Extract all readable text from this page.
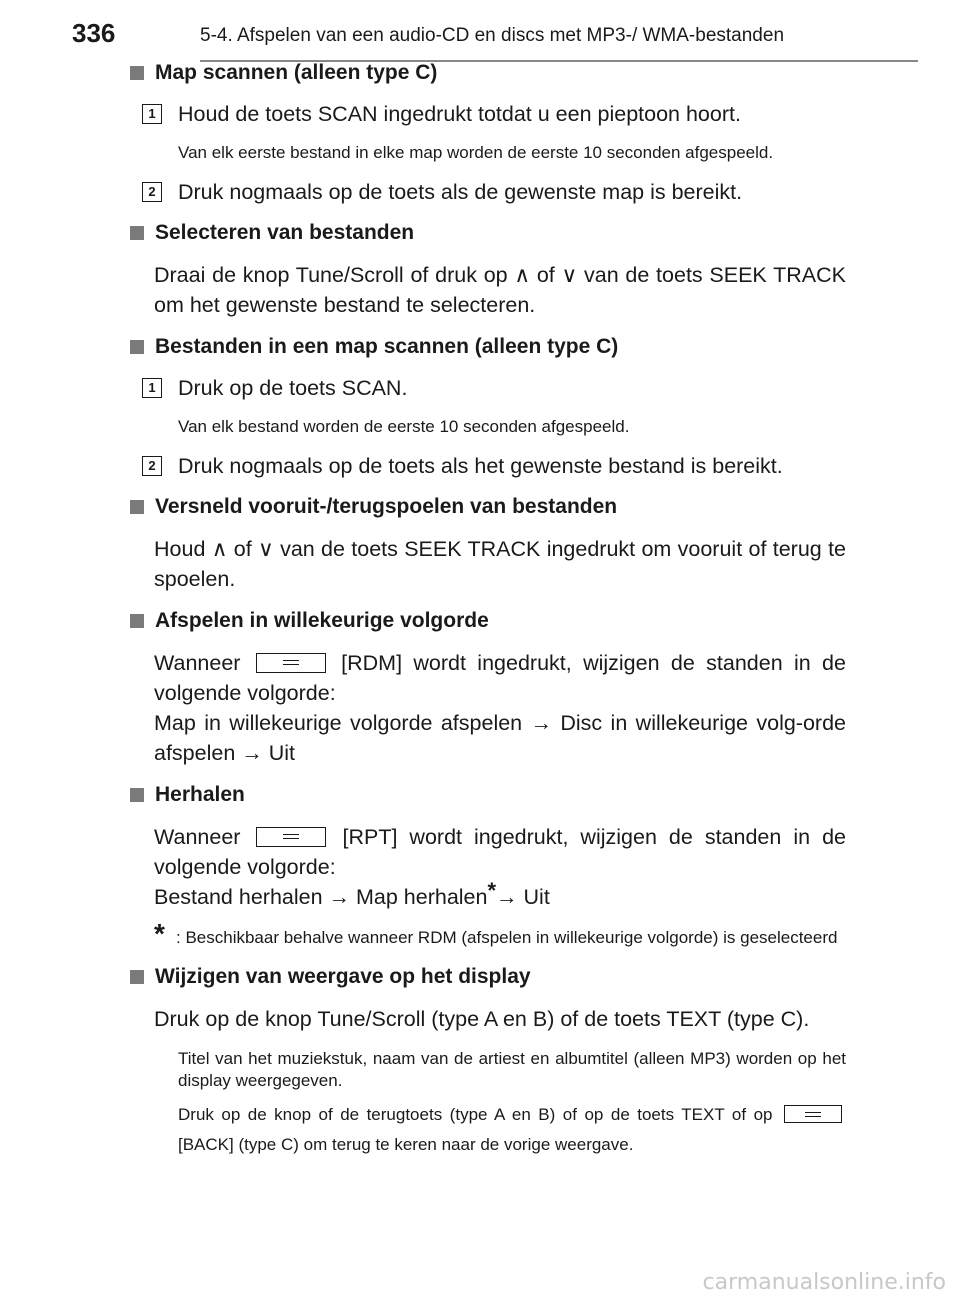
336	5-4. Afspelen van een audio-CD en discs met MP3-/ WMA-bestanden
Map scannen (alleen type C)
1 Houd de toets SCAN ingedrukt totdat u een pieptoon hoort.
Van elk eerste bestand in elke map worden de eerste 10 seconden afgespeeld.
2 Druk nogmaals op de toets als de gewenste map is bereikt.
Selecteren van bestanden
Draai de knop Tune/Scroll of druk op ∧ of ∨ van de toets SEEK TRACK om het gewenste bestand te selecteren.
Bestanden in een map scannen (alleen type C)
1 Druk op de toets SCAN.
Van elk bestand worden de eerste 10 seconden afgespeeld.
2 Druk nogmaals op de toets als het gewenste bestand is bereikt.
Versneld vooruit-/terugspoelen van bestanden
Houd ∧ of ∨ van de toets SEEK TRACK ingedrukt om vooruit of terug te spoelen.
Afspelen in willekeurige volgorde
Wanneer	[RDM] wordt ingedrukt, wijzigen de standen in de volgende volgorde:
Map in willekeurige volgorde afspelen → Disc in willekeurige volg-orde afspelen → Uit
Herhalen
Wanneer	[RPT] wordt ingedrukt, wijzigen de standen in de volgende volgorde:
Bestand herhalen → Map herhalen*→ Uit
* : Beschikbaar behalve wanneer RDM (afspelen in willekeurige volgorde) is geselecteerd
Wijzigen van weergave op het display
Druk op de knop Tune/Scroll (type A en B) of de toets TEXT (type C).
Titel van het muziekstuk, naam van de artiest en albumtitel (alleen MP3) worden op het display weergegeven.
Druk op de knop of de terugtoets (type A en B) of op de toets TEXT of op  [BACK] (type C) om terug te keren naar de vorige weergave.
carmanualsonline.info
